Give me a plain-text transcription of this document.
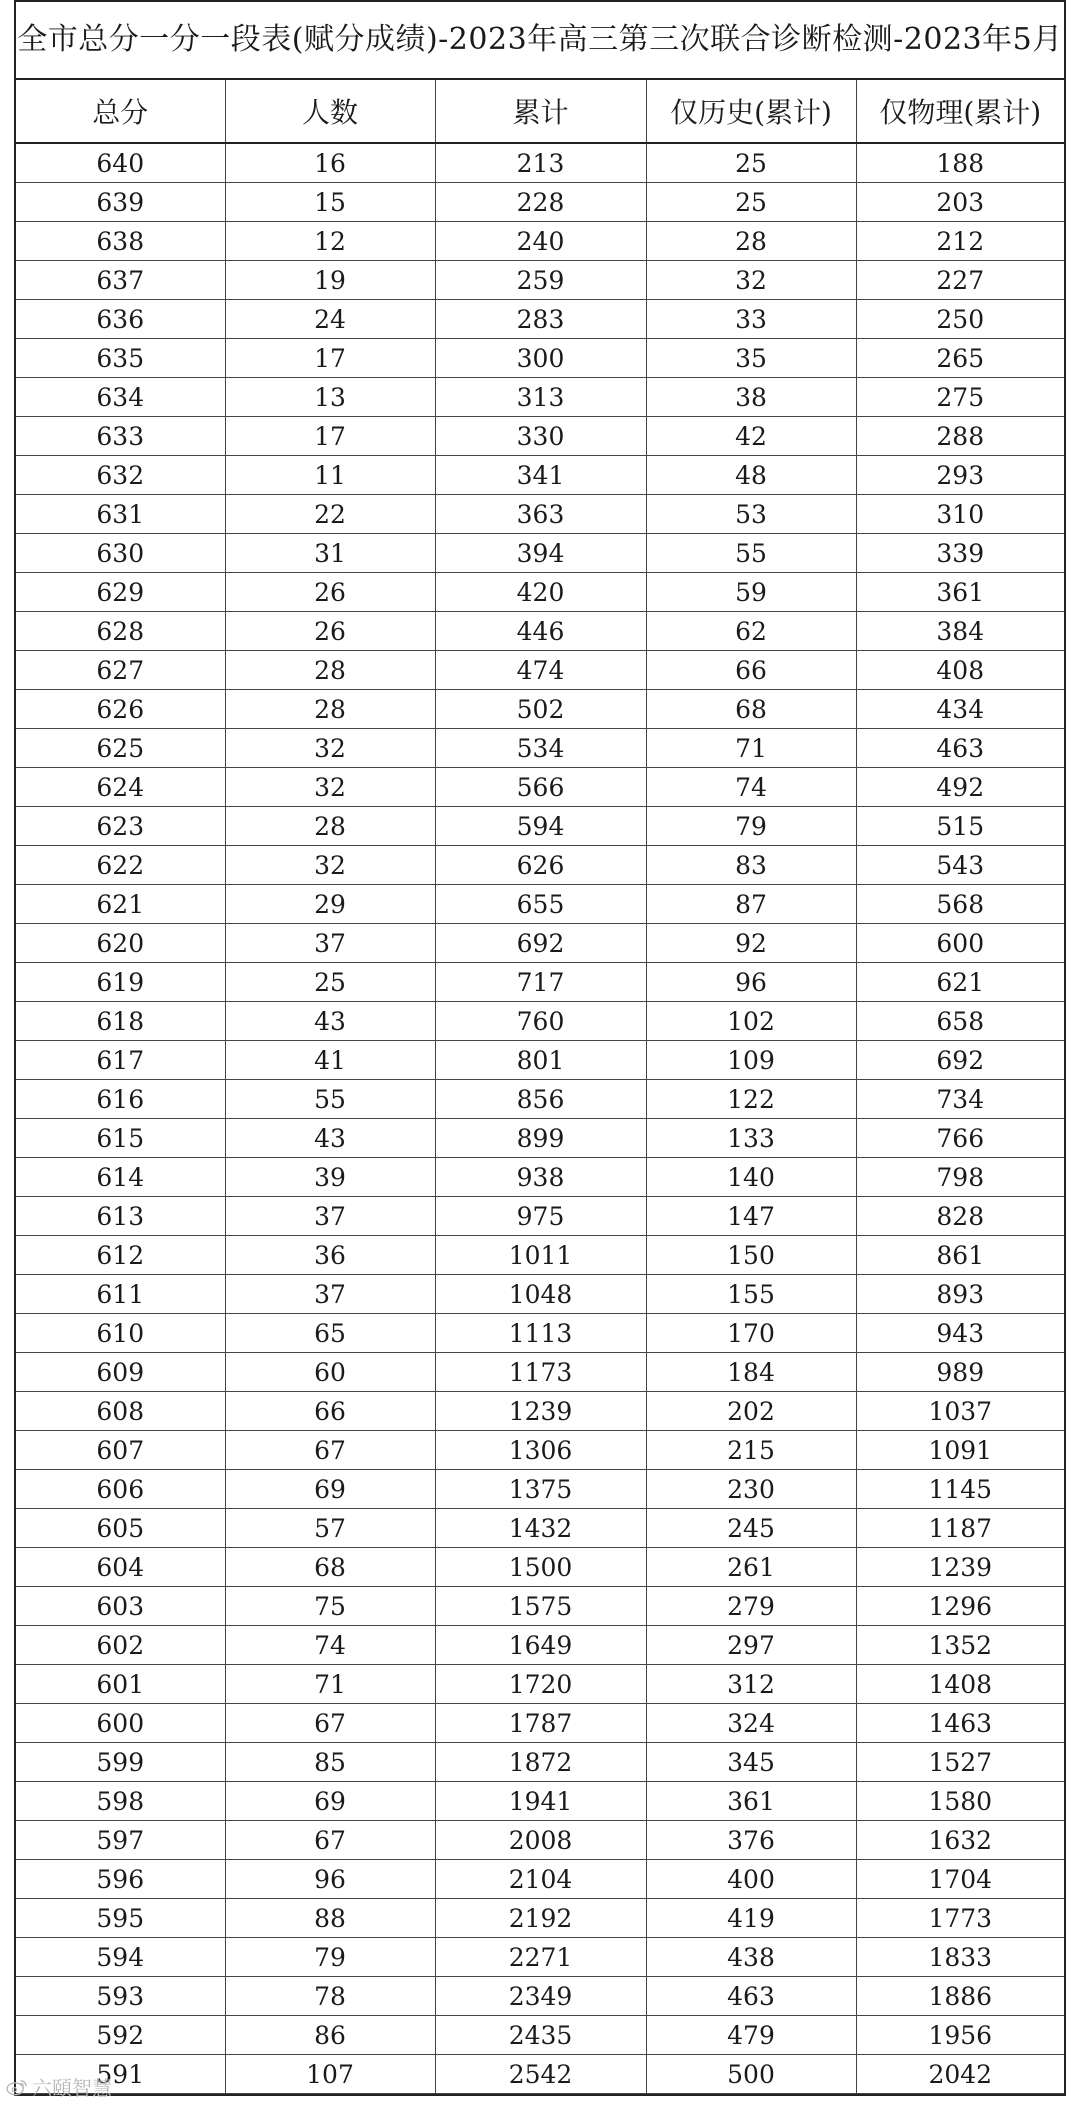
全市总分一分一段表(赋分成绩)-2023年高三第三次联合诊断检测-2023年5月
总分	人数	累计	仅历史(累计)	仅物理(累计)
640	16	213	25	188
639	15	228	25	203
638	12	240	28	212
637	19	259	32	227
636	24	283	33	250
635	17	300	35	265
634	13	313	38	275
633	17	330	42	288
632	11	341	48	293
631	22	363	53	310
630	31	394	55	339
629	26	420	59	361
628	26	446	62	384
627	28	474	66	408
626	28	502	68	434
625	32	534	71	463
624	32	566	74	492
623	28	594	79	515
622	32	626	83	543
621	29	655	87	568
620	37	692	92	600
619	25	717	96	621
618	43	760	102	658
617	41	801	109	692
616	55	856	122	734
615	43	899	133	766
614	39	938	140	798
613	37	975	147	828
612	36	1011	150	861
611	37	1048	155	893
610	65	1113	170	943
609	60	1173	184	989
608	66	1239	202	1037
607	67	1306	215	1091
606	69	1375	230	1145
605	57	1432	245	1187
604	68	1500	261	1239
603	75	1575	279	1296
602	74	1649	297	1352
601	71	1720	312	1408
600	67	1787	324	1463
599	85	1872	345	1527
598	69	1941	361	1580
597	67	2008	376	1632
596	96	2104	400	1704
595	88	2192	419	1773
594	79	2271	438	1833
593	78	2349	463	1886
592	86	2435	479	1956
591	107	2542	500	2042
六頤智慧
